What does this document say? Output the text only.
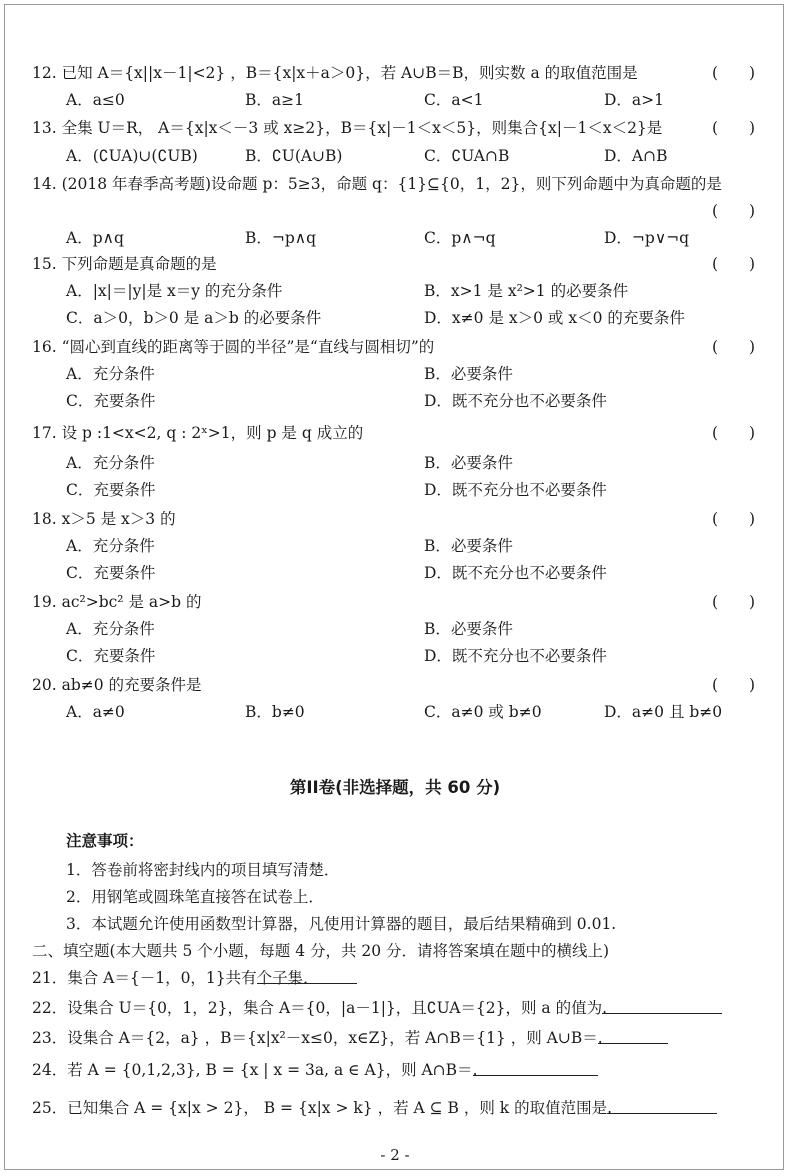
12. 已知 A＝{x||x－1|<2} ，B＝{x|x＋a＞0}，若 A∪B＝B，则实数 a 的取值范围是	(　　)
A．a≤0	B．a≥1	C．a<1	D．a>1
13. 全集 U＝R， A＝{x|x＜－3 或 x≥2}，B＝{x|－1＜x＜5}，则集合{x|－1＜x＜2}是	(　　)
A．(∁UA)∪(∁UB)	B．∁U(A∪B)	C．∁UA∩B	D．A∩B
14. (2018 年春季高考题)设命题 p：5≥3，命题 q：{1}⊆{0，1，2}，则下列命题中为真命题的是
(　　)
A．p∧q	B．¬p∧q	C．p∧¬q	D．¬p∨¬q
15. 下列命题是真命题的是	(　　)
A．|x|＝|y|是 x＝y 的充分条件	B．x>1 是 x²>1 的必要条件
C．a＞0，b＞0 是 a＞b 的必要条件	D．x≠0 是 x＞0 或 x＜0 的充要条件
16. “圆心到直线的距离等于圆的半径”是“直线与圆相切”的	(　　)
A．充分条件	B．必要条件
C．充要条件	D．既不充分也不必要条件
17. 设 p :1<x<2, q : 2ˣ>1，则 p 是 q 成立的	(　　)
A．充分条件	B．必要条件
C．充要条件	D．既不充分也不必要条件
18. x＞5 是 x＞3 的	(　　)
A．充分条件	B．必要条件
C．充要条件	D．既不充分也不必要条件
19. ac²>bc² 是 a>b 的	(　　)
A．充分条件	B．必要条件
C．充要条件	D．既不充分也不必要条件
20. ab≠0 的充要条件是	(　　)
A．a≠0	B．b≠0	C．a≠0 或 b≠0	D．a≠0 且 b≠0
第II卷(非选择题，共 60 分)
注意事项：
1．答卷前将密封线内的项目填写清楚．
2．用钢笔或圆珠笔直接答在试卷上．
3．本试题允许使用函数型计算器，凡使用计算器的题目，最后结果精确到 0.01.
二、填空题(本大题共 5 个小题，每题 4 分，共 20 分．请将答案填在题中的横线上)
21．集合 A＝{－1，0，1}共有
个子集．
22．设集合 U＝{0，1，2}，集合 A＝{0，|a－1|}，且∁UA＝{2}，则 a 的值为
.
23．设集合 A＝{2，a} ，B＝{x|x²－x≤0，x∈Z}，若 A∩B＝{1} ，则 A∪B＝
.
24．若 A = {0,1,2,3}, B = {x | x = 3a, a ∈ A}，则 A∩B＝
.
25．已知集合 A = {x|x > 2}， B = {x|x > k} ，若 A ⊆ B ，则 k 的取值范围是
.
- 2 -
